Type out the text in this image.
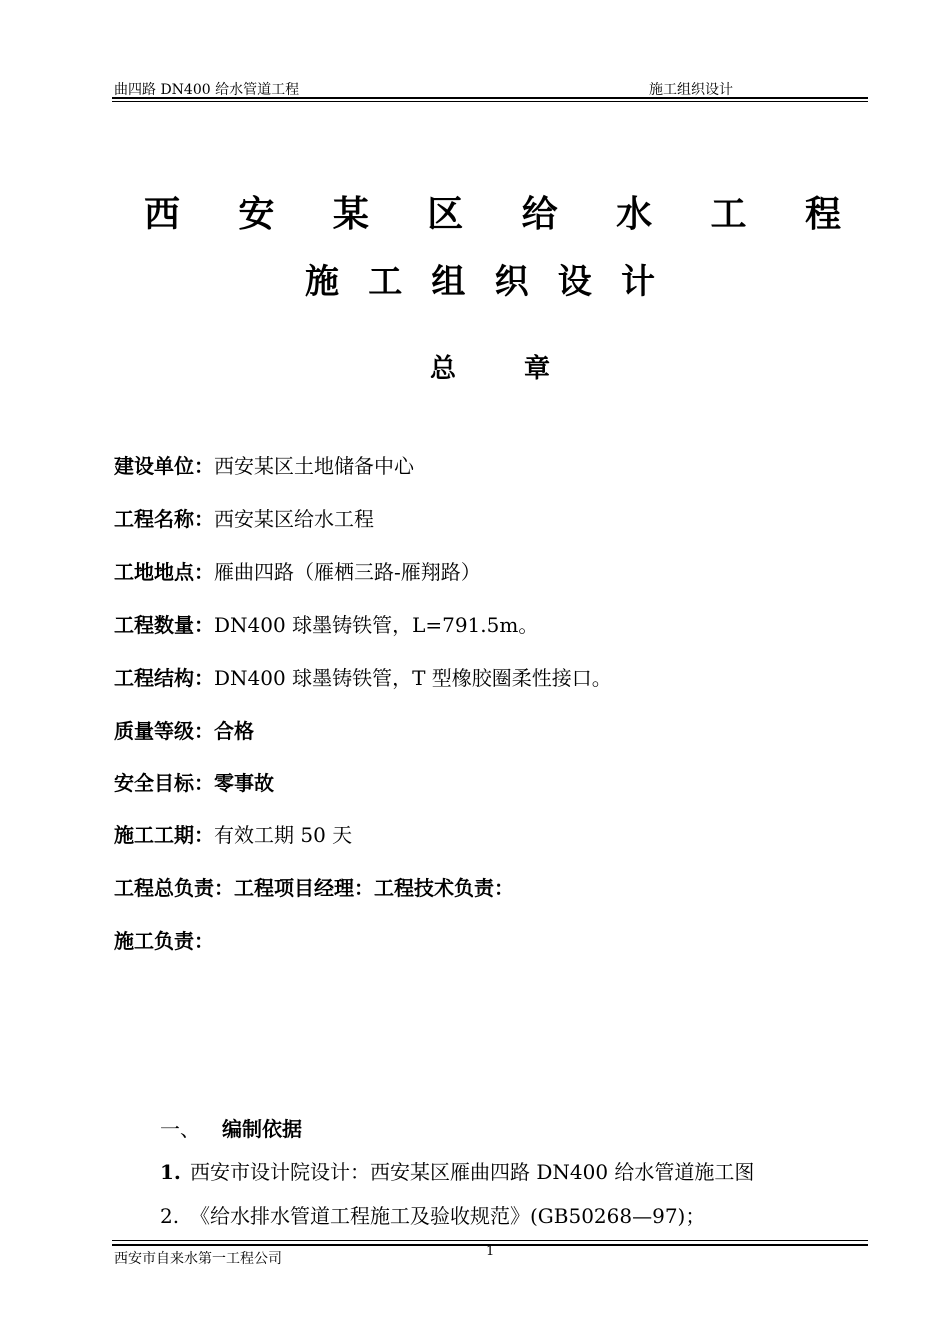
曲四路 DN400 给水管道工程	施工组织设计
西 安 某 区 给 水 工 程
施 工 组 织 设 计
总	章
建设单位：西安某区土地储备中心
工程名称：西安某区给水工程
工地地点：雁曲四路（雁栖三路-雁翔路）
工程数量：DN400 球墨铸铁管，L=791.5m。
工程结构：DN400 球墨铸铁管，T 型橡胶圈柔性接口。
质量等级：合格
安全目标：零事故
施工工期：有效工期 50 天
工程总负责：工程项目经理：工程技术负责：
施工负责：
一、 编制依据
1. 西安市设计院设计：西安某区雁曲四路 DN400 给水管道施工图
2. 《给水排水管道工程施工及验收规范》(GB50268—97)；
西安市自来水第一工程公司	1
